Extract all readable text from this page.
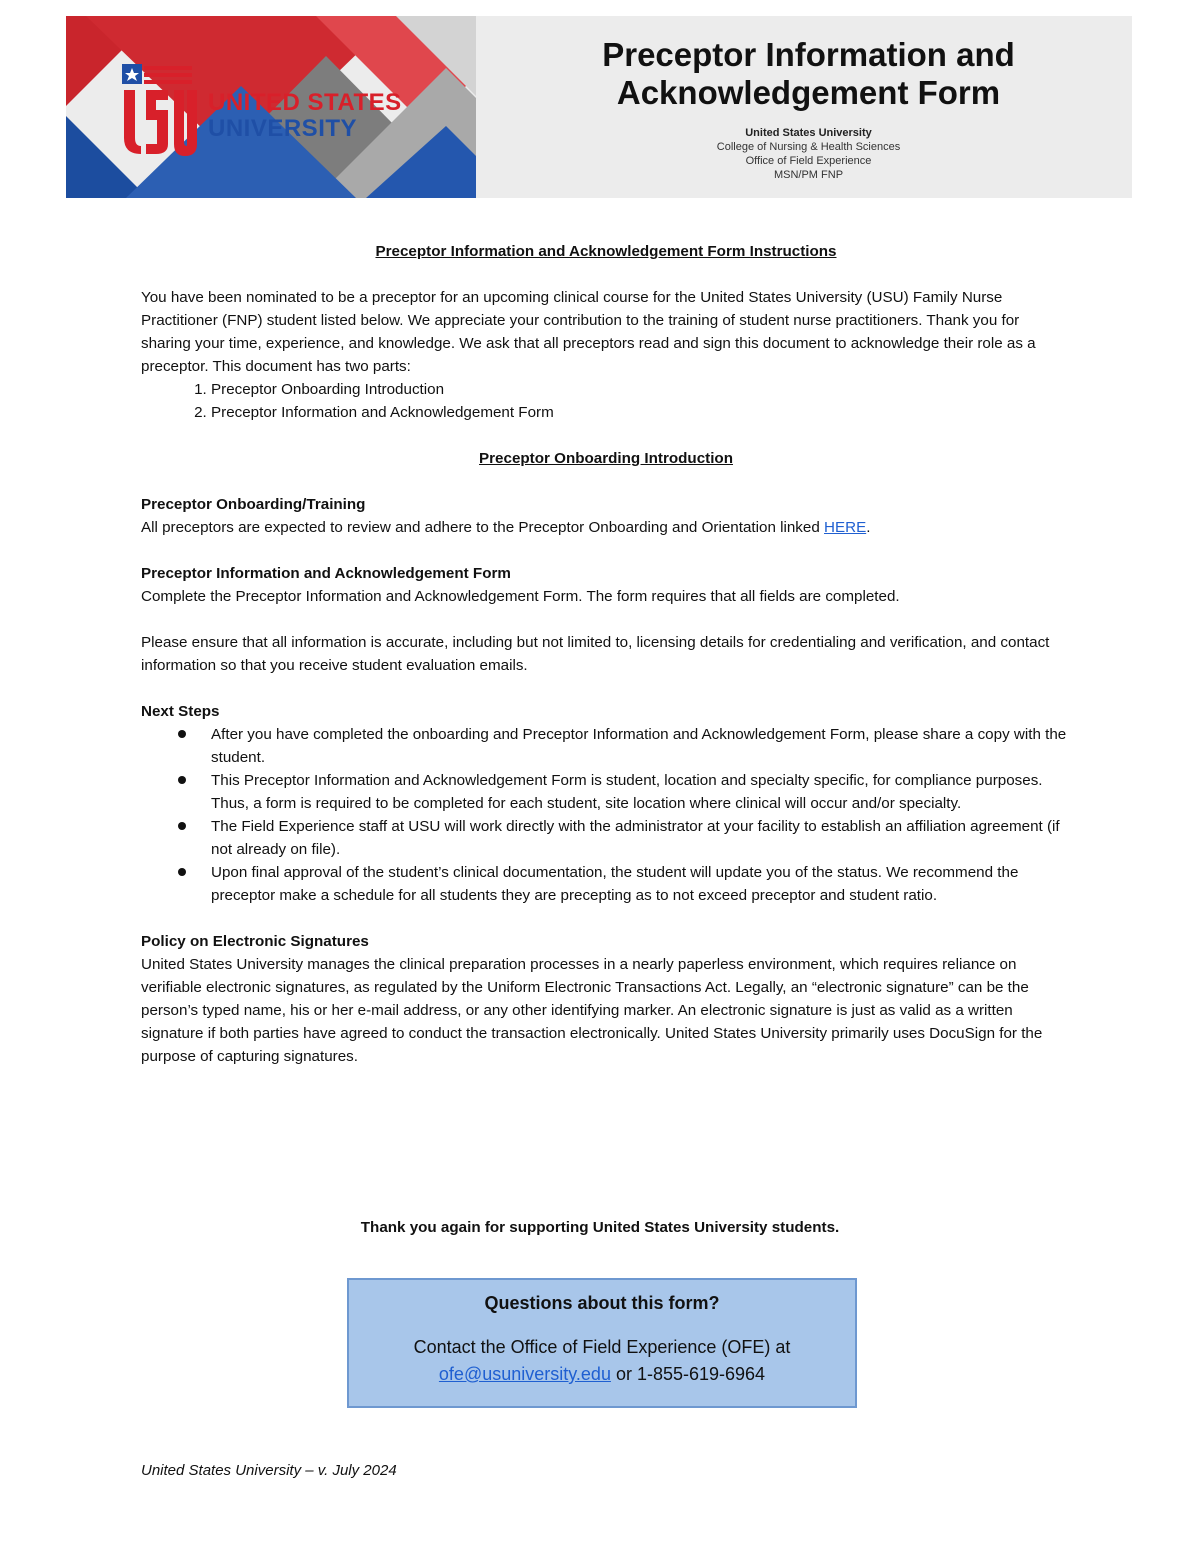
UNITED STATES
UNIVERSITY
Preceptor Information and
Acknowledgement Form
United States University
College of Nursing & Health Sciences
Office of Field Experience
MSN/PM FNP

Preceptor Information and Acknowledgement Form Instructions

You have been nominated to be a preceptor for an upcoming clinical course for the United States University (USU) Family Nurse Practitioner (FNP) student listed below. We appreciate your contribution to the training of student nurse practitioners. Thank you for sharing your time, experience, and knowledge. We ask that all preceptors read and sign this document to acknowledge their role as a preceptor. This document has two parts:

1. Preceptor Onboarding Introduction
2. Preceptor Information and Acknowledgement Form

Preceptor Onboarding Introduction

Preceptor Onboarding/Training

All preceptors are expected to review and adhere to the Preceptor Onboarding and Orientation linked HERE.

Preceptor Information and Acknowledgement Form

Complete the Preceptor Information and Acknowledgement Form. The form requires that all fields are completed.

Please ensure that all information is accurate, including but not limited to, licensing details for credentialing and verification, and contact information so that you receive student evaluation emails.

Next Steps

After you have completed the onboarding and Preceptor Information and Acknowledgement Form, please share a copy with the student.
This Preceptor Information and Acknowledgement Form is student, location and specialty specific, for compliance purposes. Thus, a form is required to be completed for each student, site location where clinical will occur and/or specialty.
The Field Experience staff at USU will work directly with the administrator at your facility to establish an affiliation agreement (if not already on file).
Upon final approval of the student’s clinical documentation, the student will update you of the status. We recommend the preceptor make a schedule for all students they are precepting as to not exceed preceptor and student ratio.

Policy on Electronic Signatures

United States University manages the clinical preparation processes in a nearly paperless environment, which requires reliance on verifiable electronic signatures, as regulated by the Uniform Electronic Transactions Act. Legally, an “electronic signature” can be the person’s typed name, his or her e-mail address, or any other identifying marker. An electronic signature is just as valid as a written signature if both parties have agreed to conduct the transaction electronically. United States University primarily uses DocuSign for the purpose of capturing signatures.

Thank you again for supporting United States University students.
Questions about this form?
Contact the Office of Field Experience (OFE) at
ofe@usuniversity.edu or 1-855-619-6964
United States University – v. July 2024
